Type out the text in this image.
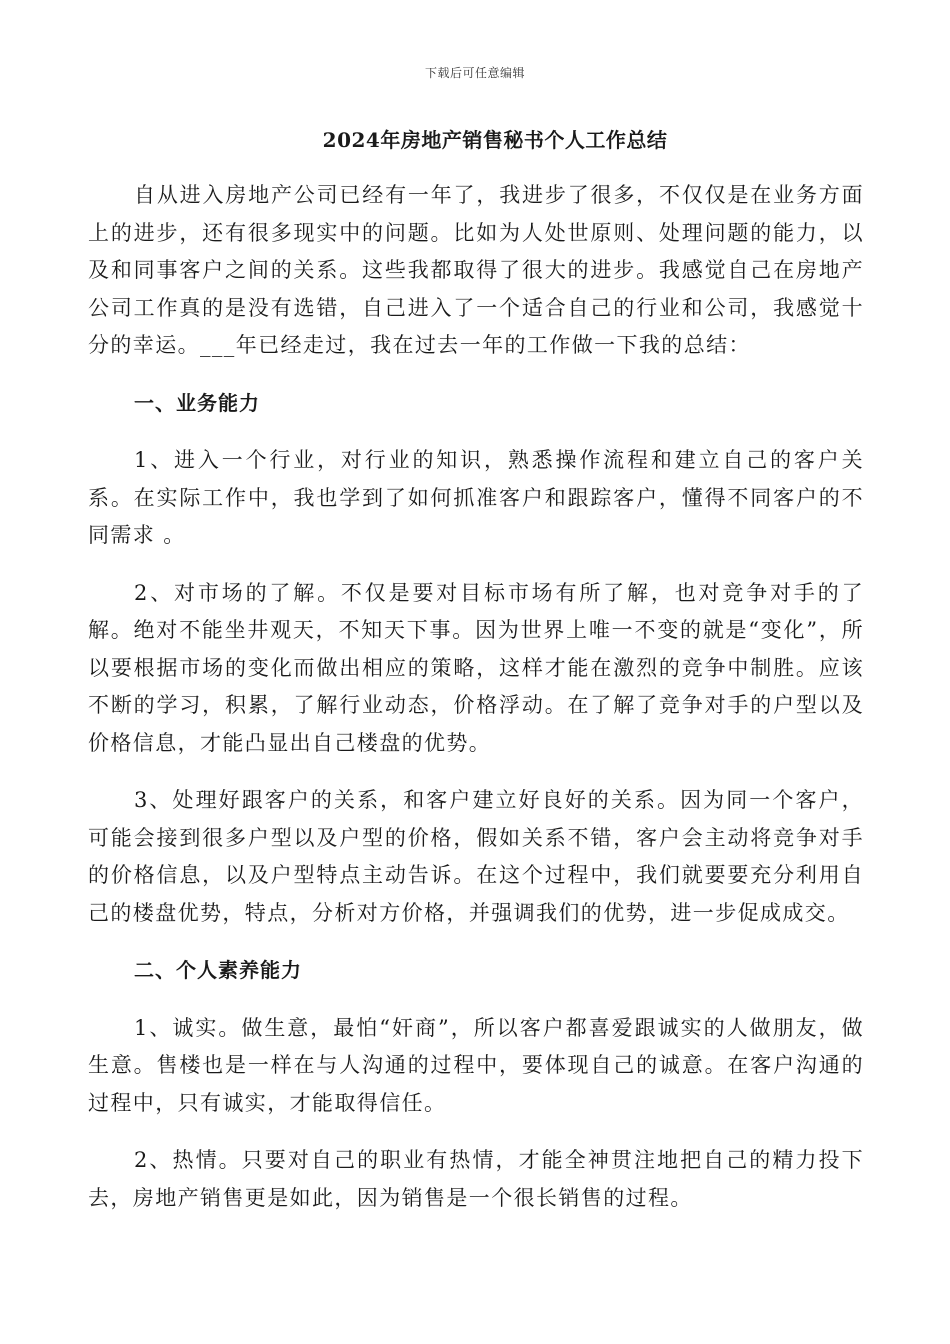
下载后可任意编辑
2024年房地产销售秘书个人工作总结

自从进入房地产公司已经有一年了，我进步了很多，不仅仅是在业务方面上的进步，还有很多现实中的问题。比如为人处世原则、处理问题的能力，以及和同事客户之间的关系。这些我都取得了很大的进步。我感觉自己在房地产公司工作真的是没有选错，自己进入了一个适合自己的行业和公司，我感觉十分的幸运。___年已经走过，我在过去一年的工作做一下我的总结：

一、业务能力

1、进入一个行业，对行业的知识，熟悉操作流程和建立自己的客户关系。在实际工作中，我也学到了如何抓准客户和跟踪客户，懂得不同客户的不同需求 。

2、对市场的了解。不仅是要对目标市场有所了解，也对竞争对手的了解。绝对不能坐井观天，不知天下事。因为世界上唯一不变的就是“变化”，所以要根据市场的变化而做出相应的策略，这样才能在激烈的竞争中制胜。应该不断的学习，积累，了解行业动态，价格浮动。在了解了竞争对手的户型以及价格信息，才能凸显出自己楼盘的优势。

3、处理好跟客户的关系，和客户建立好良好的关系。因为同一个客户，可能会接到很多户型以及户型的价格，假如关系不错，客户会主动将竞争对手的价格信息，以及户型特点主动告诉。在这个过程中，我们就要要充分利用自己的楼盘优势，特点，分析对方价格，并强调我们的优势，进一步促成成交。

二、个人素养能力

1、诚实。做生意，最怕“奸商”，所以客户都喜爱跟诚实的人做朋友，做生意。售楼也是一样在与人沟通的过程中，要体现自己的诚意。在客户沟通的过程中，只有诚实，才能取得信任。

2、热情。只要对自己的职业有热情，才能全神贯注地把自己的精力投下去，房地产销售更是如此，因为销售是一个很长销售的过程。
